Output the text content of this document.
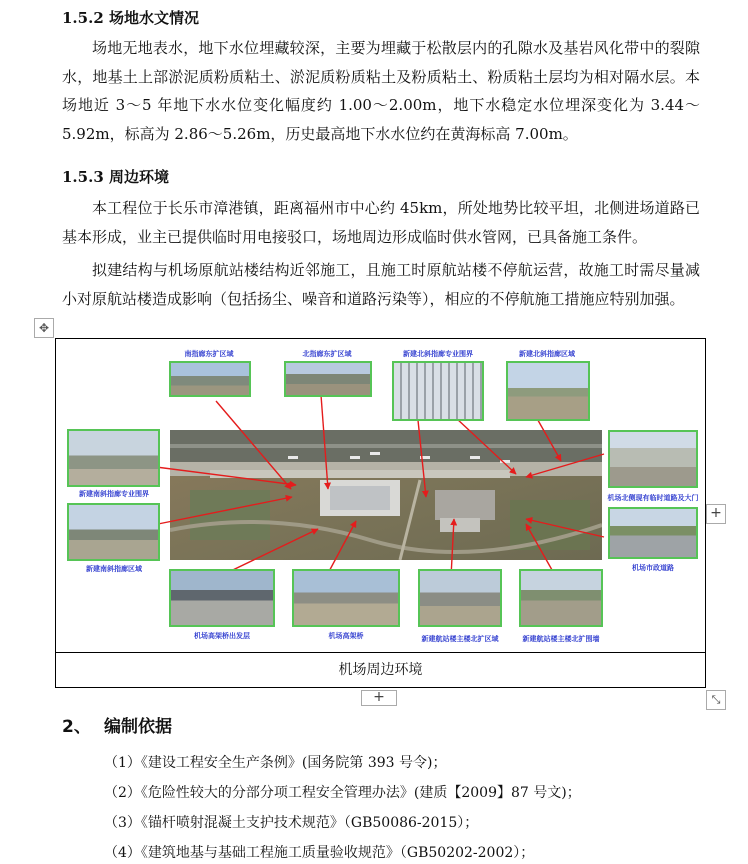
1.5.2 场地水文情况
场地无地表水，地下水位埋藏较深，主要为埋藏于松散层内的孔隙水及基岩风化带中的裂隙水，地基土上部淤泥质粉质粘土、淤泥质粉质粘土及粉质粘土、粉质粘土层均为相对隔水层。本场地近 3～5 年地下水水位变化幅度约 1.00～2.00m，地下水稳定水位埋深变化为 3.44～5.92m，标高为 2.86～5.26m，历史最高地下水水位约在黄海标高 7.00m。
1.5.3 周边环境
本工程位于长乐市漳港镇，距离福州市中心约 45km，所处地势比较平坦，北侧进场道路已基本形成，业主已提供临时用电接驳口，场地周边形成临时供水管网，已具备施工条件。
拟建结构与机场原航站楼结构近邻施工，且施工时原航站楼不停航运营，故施工时需尽量减小对原航站楼造成影响（包括扬尘、噪音和道路污染等），相应的不停航施工措施应特别加强。
✥
南指廊东扩区域	北指廊东扩区域	新建北斜指廊专业围界	新建北斜指廊区域
新建南斜指廊专业围界
新建南斜指廊区域
机场北侧现有临时道路及大门
机场市政道路
机场高架桥出发层	机场高架桥	新建航站楼主楼北扩区域	新建航站楼主楼北扩围墙
机场周边环境
+
+	⤡
2、 编制依据
（1）《建设工程安全生产条例》(国务院第 393 号令)；
（2）《危险性较大的分部分项工程安全管理办法》(建质【2009】87 号文)；
（3）《锚杆喷射混凝土支护技术规范》（GB50086-2015）；
（4）《建筑地基与基础工程施工质量验收规范》（GB50202-2002）；
